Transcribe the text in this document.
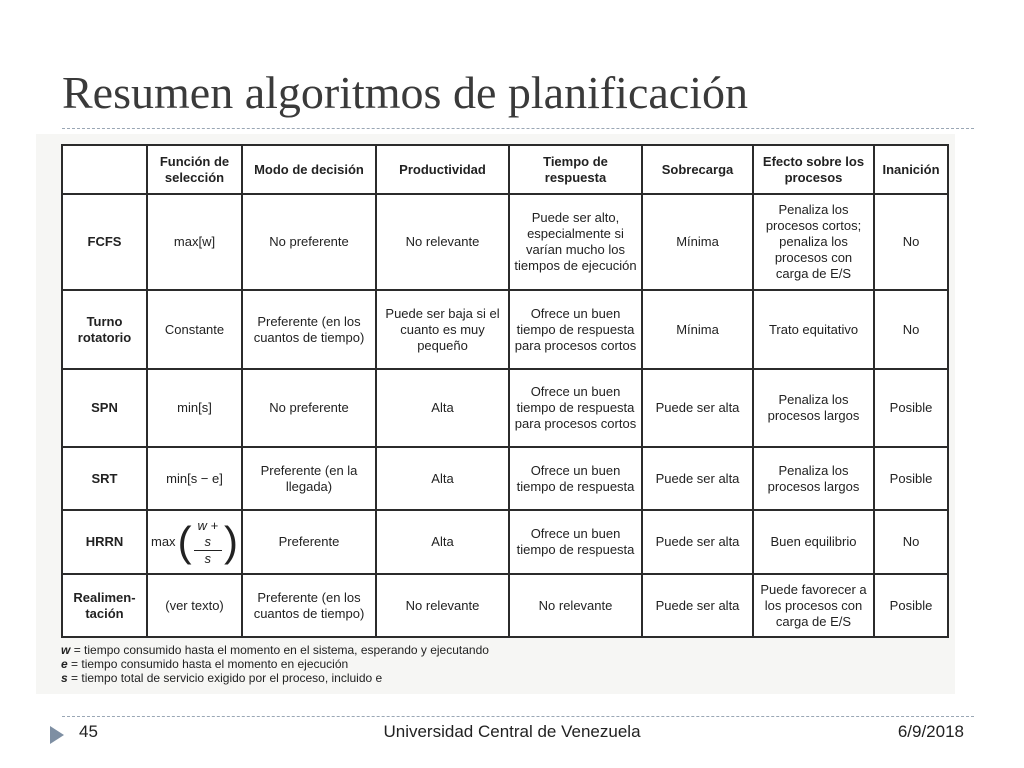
Resumen algoritmos de planificación
	Función de selección	Modo de decisión	Productividad	Tiempo de respuesta	Sobrecarga	Efecto sobre los procesos	Inanición
FCFS	max[w]	No preferente	No relevante	Puede ser alto, especialmente si varían mucho los tiempos de ejecución	Mínima	Penaliza los procesos cortos; penaliza los procesos con carga de E/S	No
Turno rotatorio	Constante	Preferente (en los cuantos de tiempo)	Puede ser baja si el cuanto es muy pequeño	Ofrece un buen tiempo de respuesta para procesos cortos	Mínima	Trato equitativo	No
SPN	min[s]	No preferente	Alta	Ofrece un buen tiempo de respuesta para procesos cortos	Puede ser alta	Penaliza los procesos largos	Posible
SRT	min[s − e]	Preferente (en la llegada)	Alta	Ofrece un buen tiempo de respuesta	Puede ser alta	Penaliza los procesos largos	Posible
HRRN	max ( $\frac{w + s}{s}$ )	Preferente	Alta	Ofrece un buen tiempo de respuesta	Puede ser alta	Buen equilibrio	No
Realimen-tación	(ver texto)	Preferente (en los cuantos de tiempo)	No relevante	No relevante	Puede ser alta	Puede favorecer a los procesos con carga de E/S	Posible
w = tiempo consumido hasta el momento en el sistema, esperando y ejecutando
e = tiempo consumido hasta el momento en ejecución
s = tiempo total de servicio exigido por el proceso, incluido e
45	Universidad Central de Venezuela	6/9/2018
